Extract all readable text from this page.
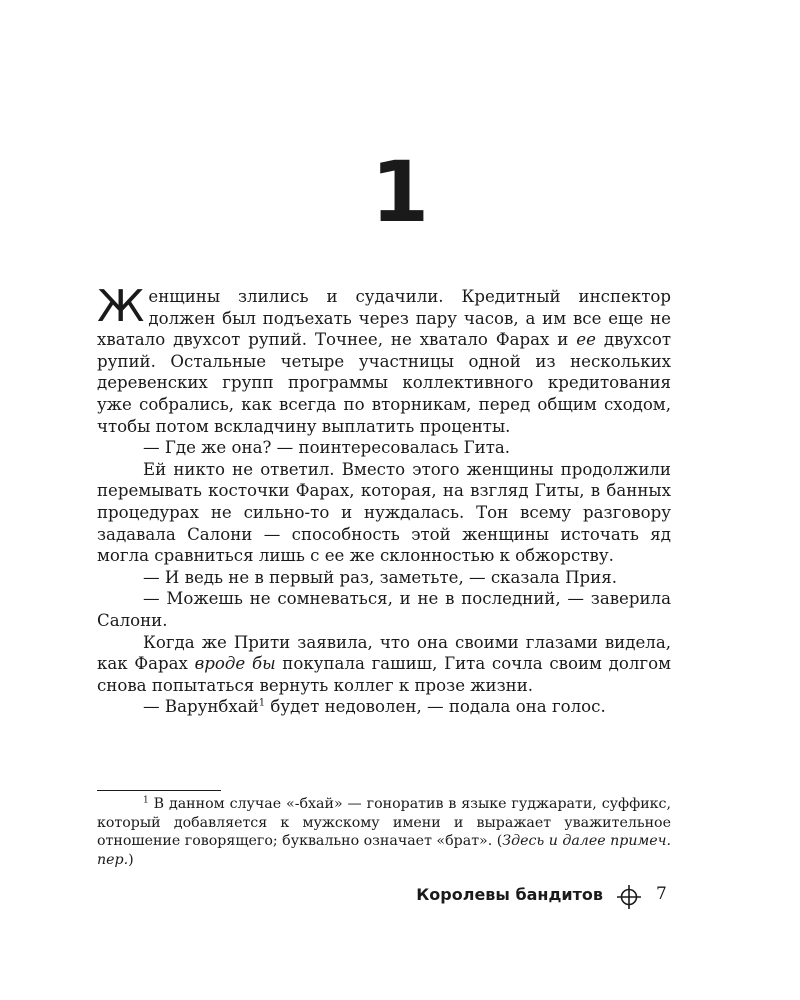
1

Женщины злились и судачили. Кредитный инспектор должен был подъехать через пару часов, а им все еще не хватало двухсот рупий. Точнее, не хватало Фарах и ее двухсот рупий. Остальные четыре участницы одной из нескольких деревенских групп программы коллективного кредитования уже собрались, как всегда по вторникам, перед общим сходом, чтобы потом вскладчину выплатить проценты.

— Где же она? — поинтересовалась Гита.

Ей никто не ответил. Вместо этого женщины продолжили перемывать косточки Фарах, которая, на взгляд Гиты, в банных процедурах не сильно-то и нуждалась. Тон всему разговору задавала Салони — способность этой женщины источать яд могла сравниться лишь с ее же склонностью к обжорству.

— И ведь не в первый раз, заметьте, — сказала Прия.

— Можешь не сомневаться, и не в последний, — заверила Салони.

Когда же Прити заявила, что она своими глазами видела, как Фарах вроде бы покупала гашиш, Гита сочла своим долгом снова попытаться вернуть коллег к прозе жизни.

— Варунбхай$^1$ будет недоволен, — подала она голос.

$^1$ В данном случае «-бхай» — гоноратив в языке гуджарати, суффикс, который добавляется к мужскому имени и выражает уважительное отношение говорящего; буквально означает «брат». (Здесь и далее примеч. пер.)
Королевы бандитов	7
